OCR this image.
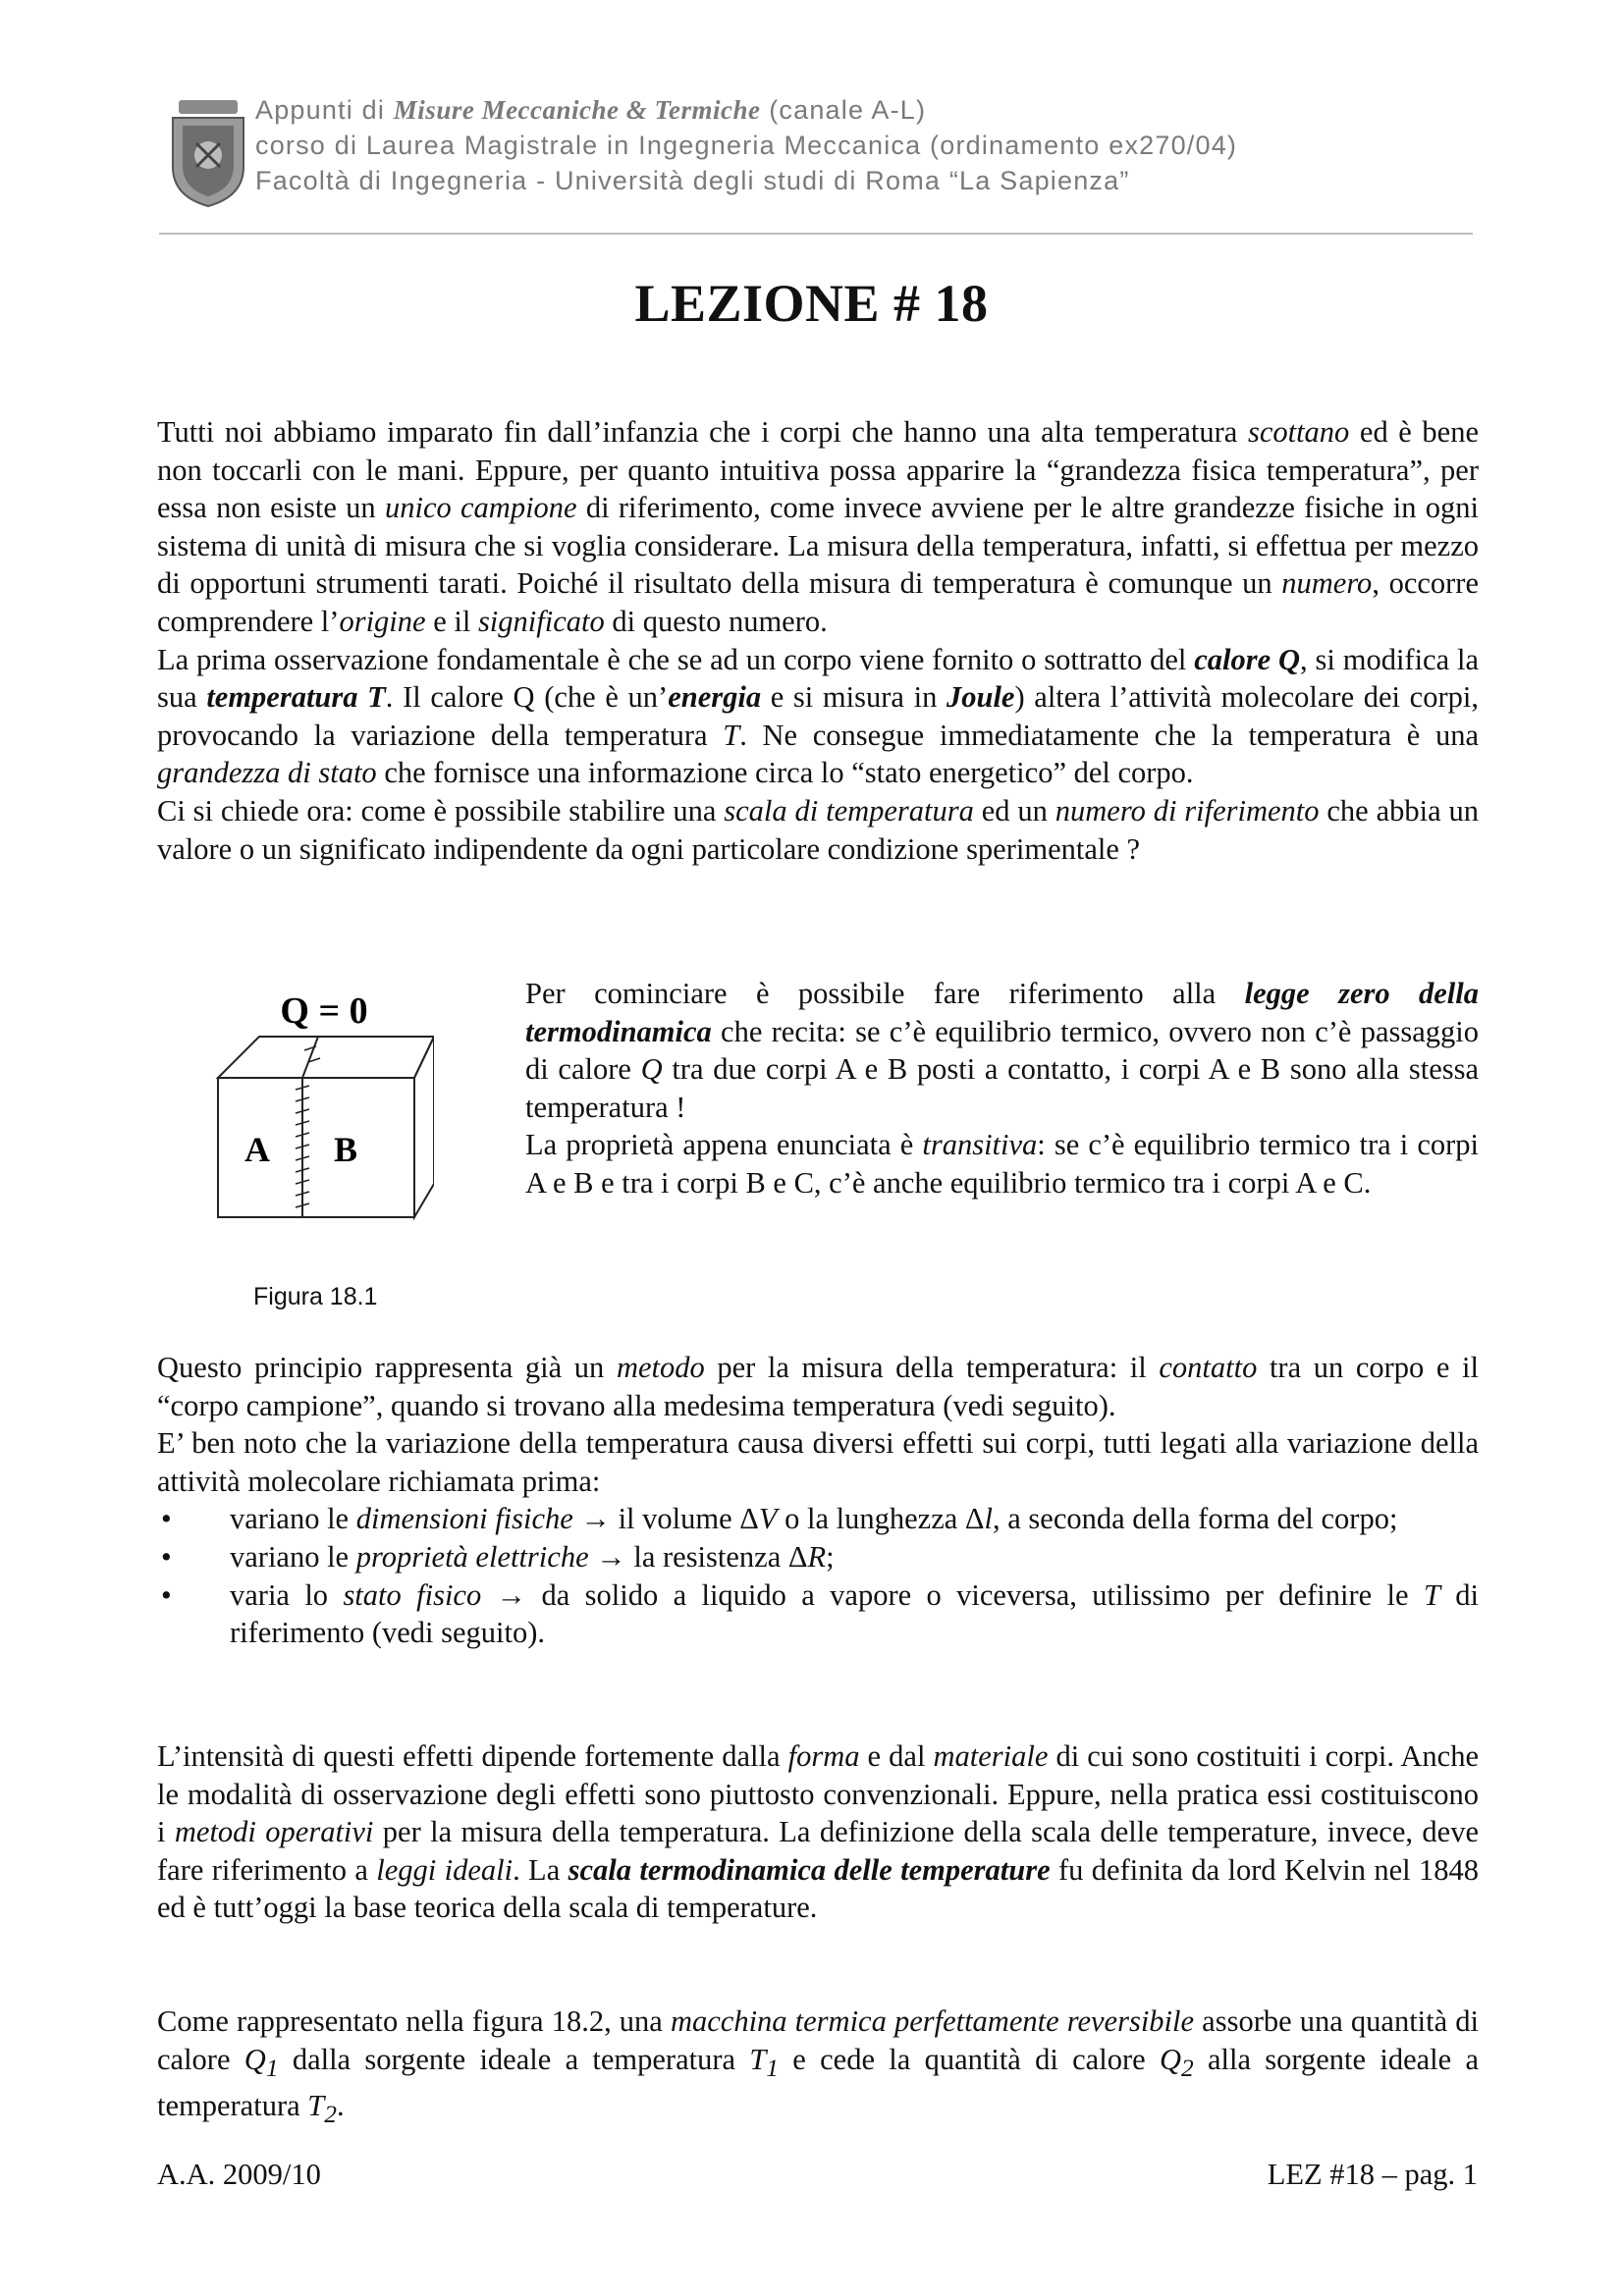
Appunti di Misure Meccaniche & Termiche (canale A-L)
corso di Laurea Magistrale in Ingegneria Meccanica (ordinamento ex270/04)
Facoltà di Ingegneria - Università degli studi di Roma “La Sapienza”
LEZIONE # 18

Tutti noi abbiamo imparato fin dall’infanzia che i corpi che hanno una alta temperatura scottano ed è bene non toccarli con le mani. Eppure, per quanto intuitiva possa apparire la “grandezza fisica temperatura”, per essa non esiste un unico campione di riferimento, come invece avviene per le altre grandezze fisiche in ogni sistema di unità di misura che si voglia considerare. La misura della temperatura, infatti, si effettua per mezzo di opportuni strumenti tarati. Poiché il risultato della misura di temperatura è comunque un numero, occorre comprendere l’origine e il significato di questo numero.

La prima osservazione fondamentale è che se ad un corpo viene fornito o sottratto del calore Q, si modifica la sua temperatura T. Il calore Q (che è un’energia e si misura in Joule) altera l’attività molecolare dei corpi, provocando la variazione della temperatura T. Ne consegue immediatamente che la temperatura è una grandezza di stato che fornisce una informazione circa lo “stato energetico” del corpo.

Ci si chiede ora: come è possibile stabilire una scala di temperatura ed un numero di riferimento che abbia un valore o un significato indipendente da ogni particolare condizione sperimentale ?

Q = 0
A B
Figura 18.1

Per cominciare è possibile fare riferimento alla legge zero della termodinamica che recita: se c’è equilibrio termico, ovvero non c’è passaggio di calore Q tra due corpi A e B posti a contatto, i corpi A e B sono alla stessa temperatura !

La proprietà appena enunciata è transitiva: se c’è equilibrio termico tra i corpi A e B e tra i corpi B e C, c’è anche equilibrio termico tra i corpi A e C.

Questo principio rappresenta già un metodo per la misura della temperatura: il contatto tra un corpo e il “corpo campione”, quando si trovano alla medesima temperatura (vedi seguito).

E’ ben noto che la variazione della temperatura causa diversi effetti sui corpi, tutti legati alla variazione della attività molecolare richiamata prima:

• variano le dimensioni fisiche → il volume ΔV o la lunghezza Δl, a seconda della forma del corpo;
• variano le proprietà elettriche → la resistenza ΔR;
• varia lo stato fisico → da solido a liquido a vapore o viceversa, utilissimo per definire le T di riferimento (vedi seguito).

L’intensità di questi effetti dipende fortemente dalla forma e dal materiale di cui sono costituiti i corpi. Anche le modalità di osservazione degli effetti sono piuttosto convenzionali. Eppure, nella pratica essi costituiscono i metodi operativi per la misura della temperatura. La definizione della scala delle temperature, invece, deve fare riferimento a leggi ideali. La scala termodinamica delle temperature fu definita da lord Kelvin nel 1848 ed è tutt’oggi la base teorica della scala di temperature.

Come rappresentato nella figura 18.2, una macchina termica perfettamente reversibile assorbe una quantità di calore $Q_1$ dalla sorgente ideale a temperatura $T_1$ e cede la quantità di calore $Q_2$ alla sorgente ideale a temperatura $T_2$.

A.A. 2009/10	LEZ #18 – pag. 1
